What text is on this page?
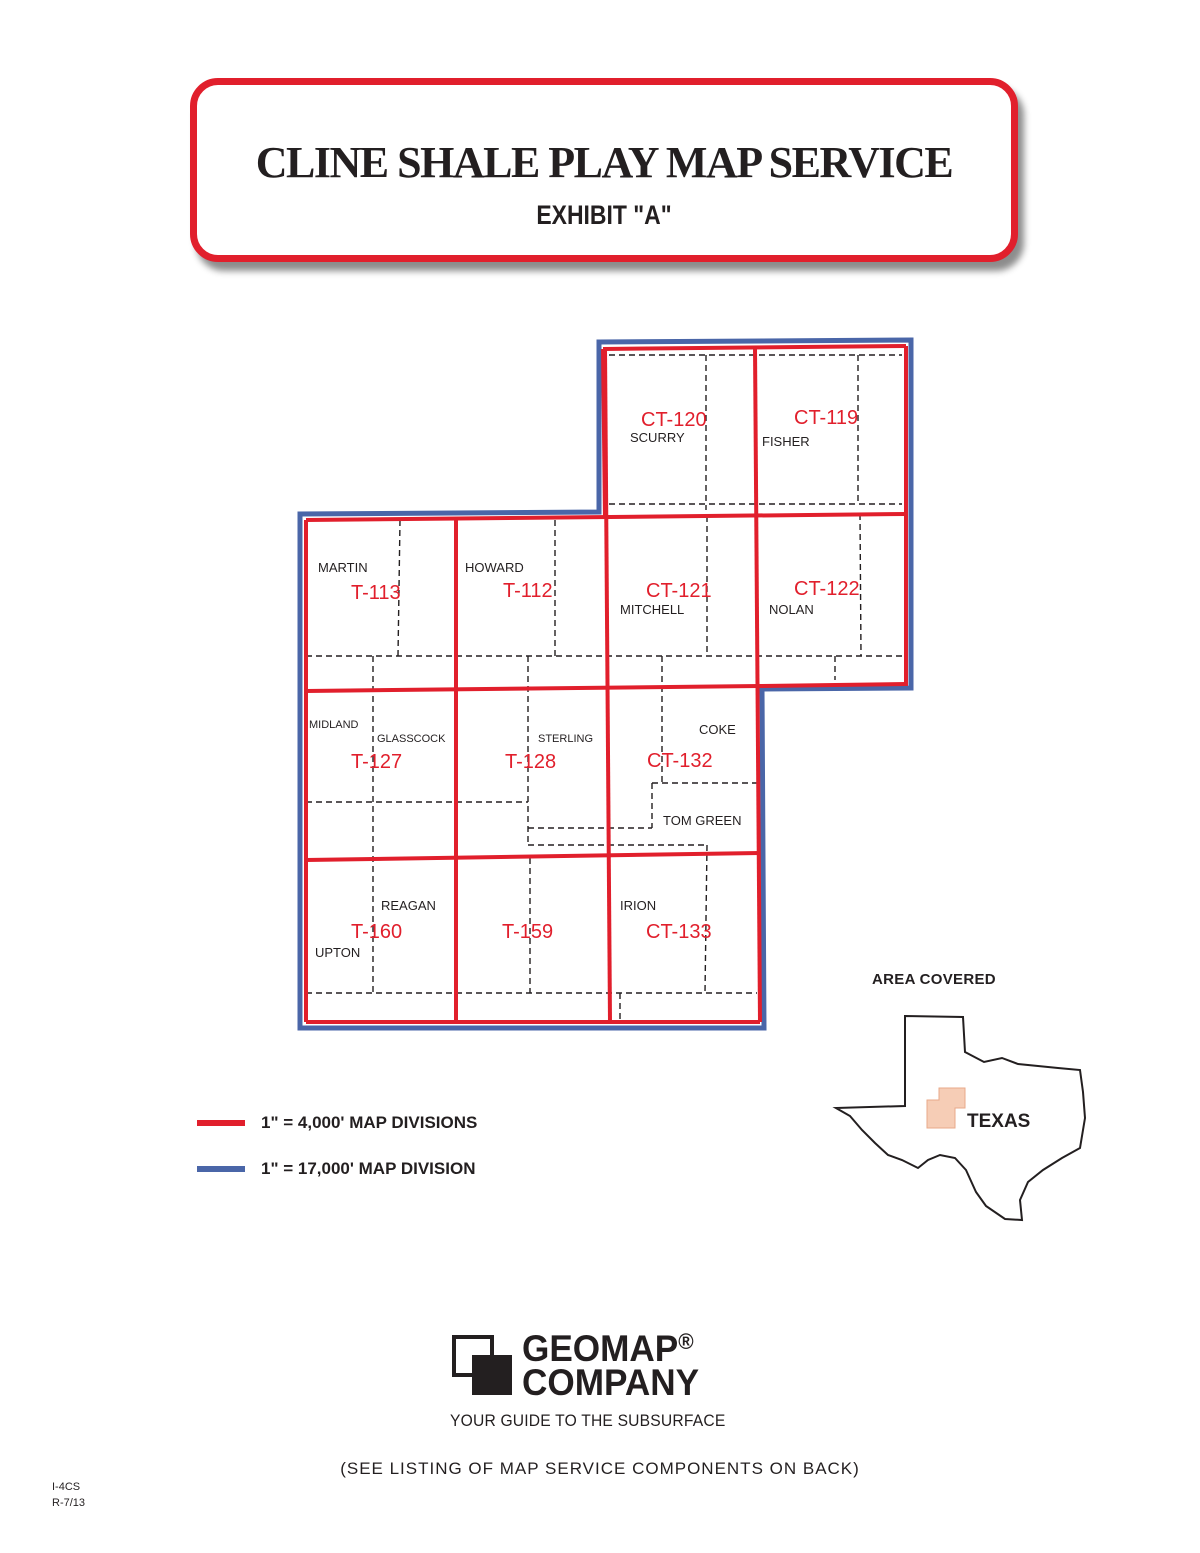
CLINE SHALE PLAY MAP SERVICE
EXHIBIT "A"
CT-120	CT-119
T-113	T-112	CT-121	CT-122
T-127	T-128	CT-132
T-160	T-159	CT-133
SCURRY	FISHER
MARTIN	HOWARD
MITCHELL	NOLAN
MIDLAND
GLASSCOCK	STERLING
COKE
TOM GREEN
REAGAN
UPTON
IRION
TEXAS
1" = 4,000' MAP DIVISIONS
1" = 17,000' MAP DIVISION
AREA COVERED
GEOMAP®
COMPANY
YOUR GUIDE TO THE SUBSURFACE
(SEE LISTING OF MAP SERVICE COMPONENTS ON BACK)
I-4CS
R-7/13
